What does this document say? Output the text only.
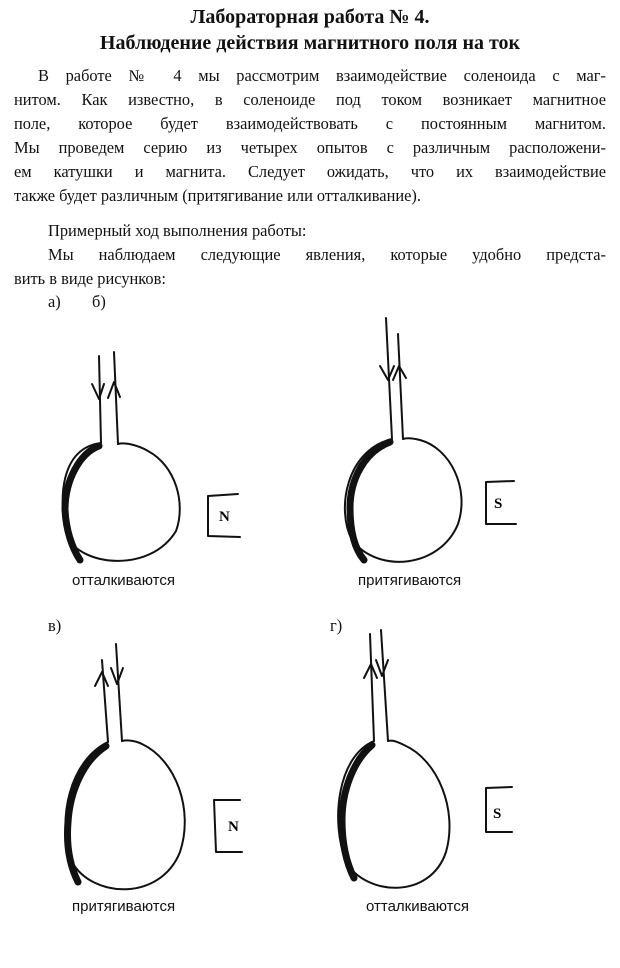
Лабораторная работа № 4.
Наблюдение действия магнитного поля на ток
В работе № 4 мы рассмотрим взаимодействие соленоида с маг-
нитом. Как известно, в соленоиде под током возникает магнитное
поле, которое будет взаимодействовать с постоянным магнитом.
Мы проведем серию из четырех опытов с различным расположени-
ем катушки и магнита. Следует ожидать, что их взаимодействие
также будет различным (притягивание или отталкивание).
Примерный ход выполнения работы:
Мы наблюдаем следующие явления, которые удобно предста-
вить в виде рисунков:
а) б)
в)	г)
N
S
N
S
отталкиваются	притягиваются
притягиваются	отталкиваются
